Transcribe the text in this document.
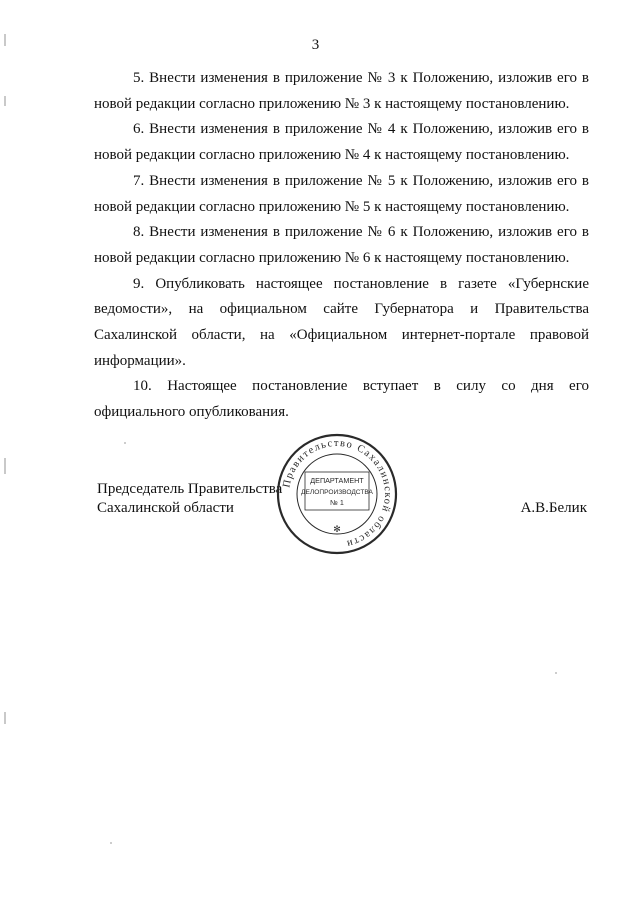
3

5. Внести изменения в приложение № 3 к Положению, изложив его в новой редакции согласно приложению № 3 к настоящему постановлению.

6. Внести изменения в приложение № 4 к Положению, изложив его в новой редакции согласно приложению № 4 к настоящему постановлению.

7. Внести изменения в приложение № 5 к Положению, изложив его в новой редакции согласно приложению № 5 к настоящему постановлению.

8. Внести изменения в приложение № 6 к Положению, изложив его в новой редакции согласно приложению № 6 к настоящему постановлению.

9. Опубликовать настоящее постановление в газете «Губернские ведомости», на официальном сайте Губернатора и Правительства Сахалинской области, на «Официальном интернет-портале правовой информации».

10. Настоящее постановление вступает в силу со дня его официального опубликования.

Председатель Правительства
Сахалинской области	А.В.Белик
Правительство Сахалинской области
✻
ДЕПАРТАМЕНТ
ДЕЛОПРОИЗВОДСТВА
№ 1
